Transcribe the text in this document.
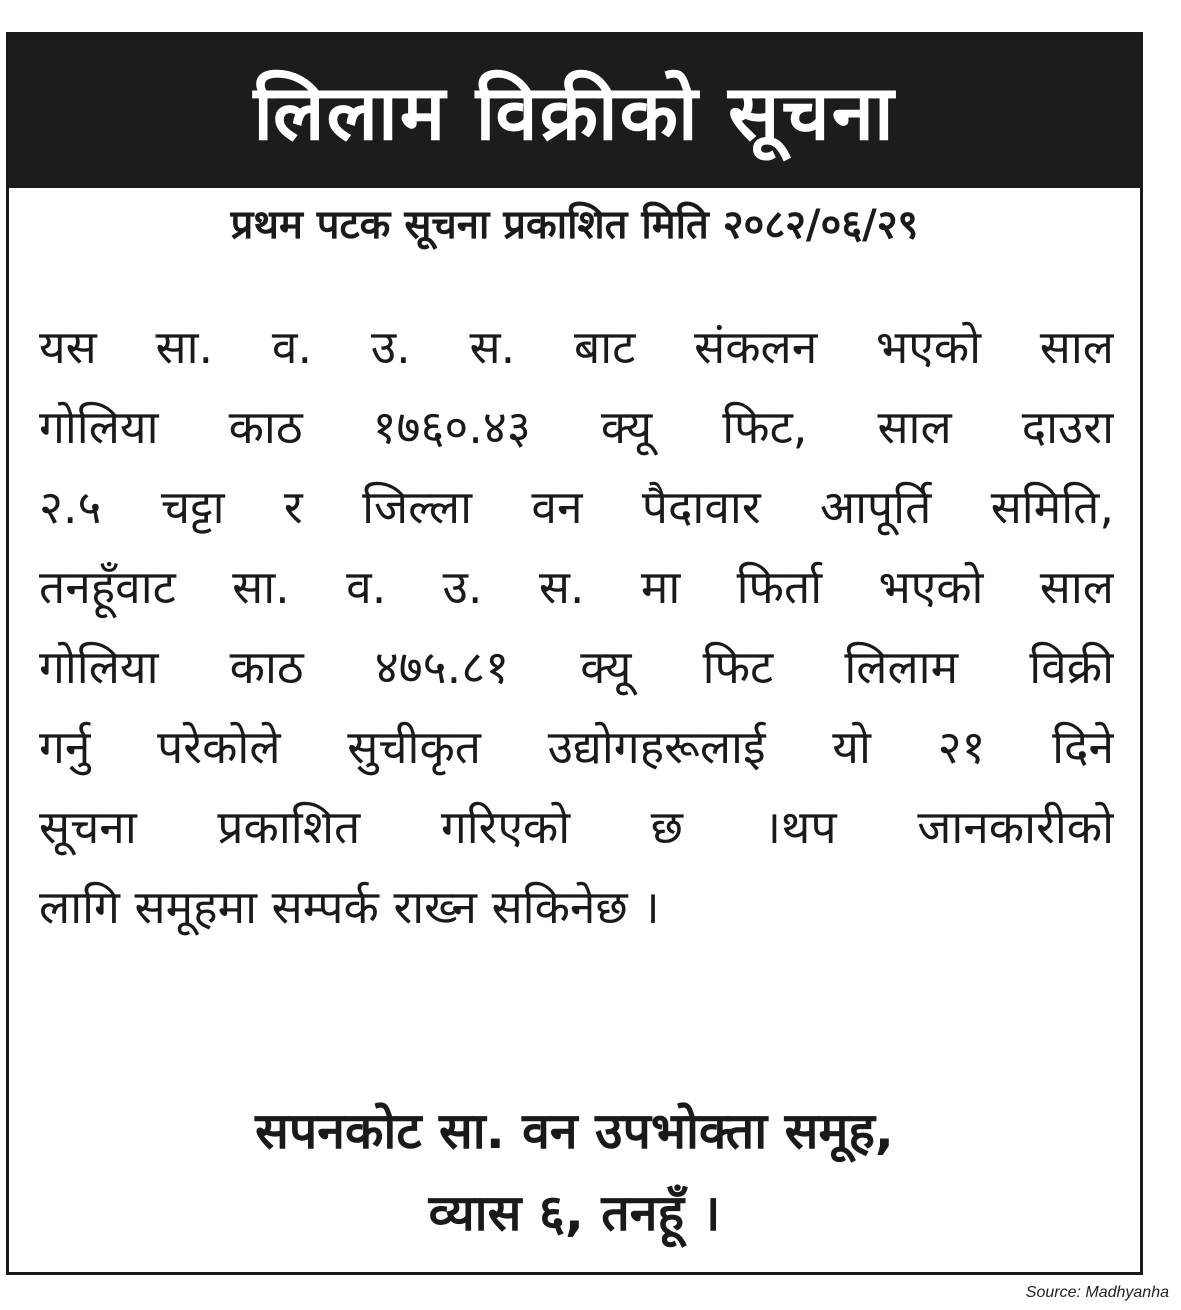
लिलाम विक्रीको सूचना
प्रथम पटक सूचना प्रकाशित मिति २०८२/०६/२९
यस सा. व. उ. स. बाट संकलन भएको साल
गोलिया काठ १७६०.४३ क्यू फिट, साल दाउरा
२.५ चट्टा र जिल्ला वन पैदावार आपूर्ति समिति,
तनहूँवाट सा. व. उ. स. मा फिर्ता भएको साल
गोलिया काठ ४७५.८१ क्यू फिट लिलाम विक्री
गर्नु परेकोले सुचीकृत उद्योगहरूलाई यो २१ दिने
सूचना प्रकाशित गरिएको छ ।थप जानकारीको
लागि समूहमा सम्पर्क राख्न सकिनेछ ।
सपनकोट सा. वन उपभोक्ता समूह,
व्यास ६, तनहूँ ।
Source: Madhyanha
